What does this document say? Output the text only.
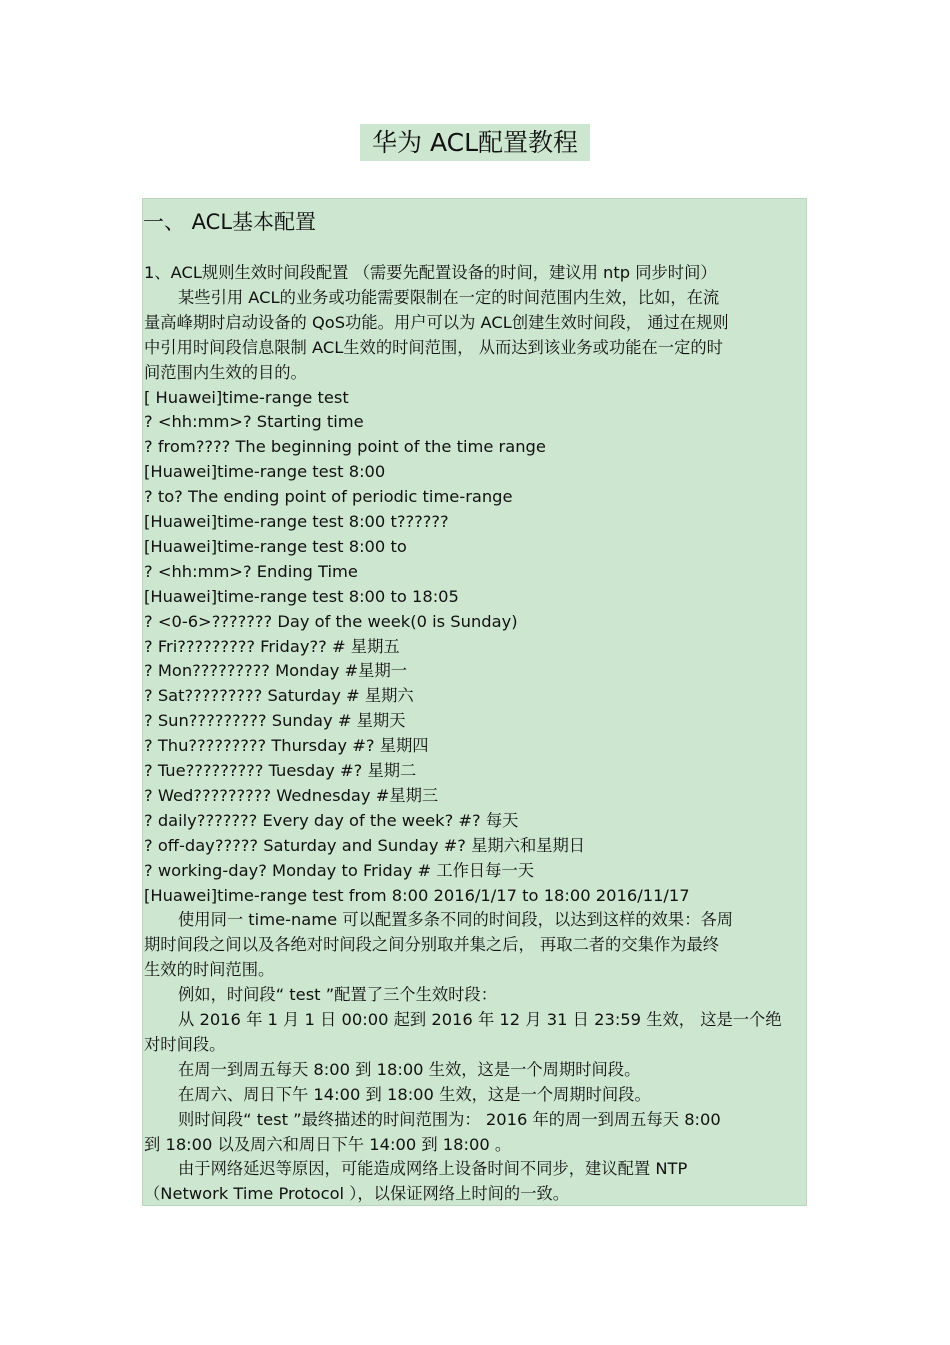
华为 ACL配置教程
一、 ACL基本配置
1、ACL规则生效时间段配置 （需要先配置设备的时间，建议用 ntp 同步时间）
某些引用 ACL的业务或功能需要限制在一定的时间范围内生效，比如，在流
量高峰期时启动设备的 QoS功能。用户可以为 ACL创建生效时间段， 通过在规则
中引用时间段信息限制 ACL生效的时间范围， 从而达到该业务或功能在一定的时
间范围内生效的目的。
[ Huawei]time-range test
? <hh:mm>? Starting time
? from???? The beginning point of the time range
[Huawei]time-range test 8:00
? to? The ending point of periodic time-range
[Huawei]time-range test 8:00 t??????
[Huawei]time-range test 8:00 to
? <hh:mm>? Ending Time
[Huawei]time-range test 8:00 to 18:05
? <0-6>??????? Day of the week(0 is Sunday)
? Fri????????? Friday?? # 星期五
? Mon????????? Monday #星期一
? Sat????????? Saturday # 星期六
? Sun????????? Sunday # 星期天
? Thu????????? Thursday #? 星期四
? Tue????????? Tuesday #? 星期二
? Wed????????? Wednesday #星期三
? daily??????? Every day of the week? #? 每天
? off-day????? Saturday and Sunday #? 星期六和星期日
? working-day? Monday to Friday # 工作日每一天
[Huawei]time-range test from 8:00 2016/1/17 to 18:00 2016/11/17
使用同一 time-name 可以配置多条不同的时间段，以达到这样的效果：各周
期时间段之间以及各绝对时间段之间分别取并集之后， 再取二者的交集作为最终
生效的时间范围。
例如，时间段“ test ”配置了三个生效时段：
从 2016 年 1 月 1 日 00:00 起到 2016 年 12 月 31 日 23:59 生效， 这是一个绝
对时间段。
在周一到周五每天 8:00 到 18:00 生效，这是一个周期时间段。
在周六、周日下午 14:00 到 18:00 生效，这是一个周期时间段。
则时间段“ test ”最终描述的时间范围为： 2016 年的周一到周五每天 8:00
到 18:00 以及周六和周日下午 14:00 到 18:00 。
由于网络延迟等原因，可能造成网络上设备时间不同步，建议配置 NTP
（Network Time Protocol ），以保证网络上时间的一致。
